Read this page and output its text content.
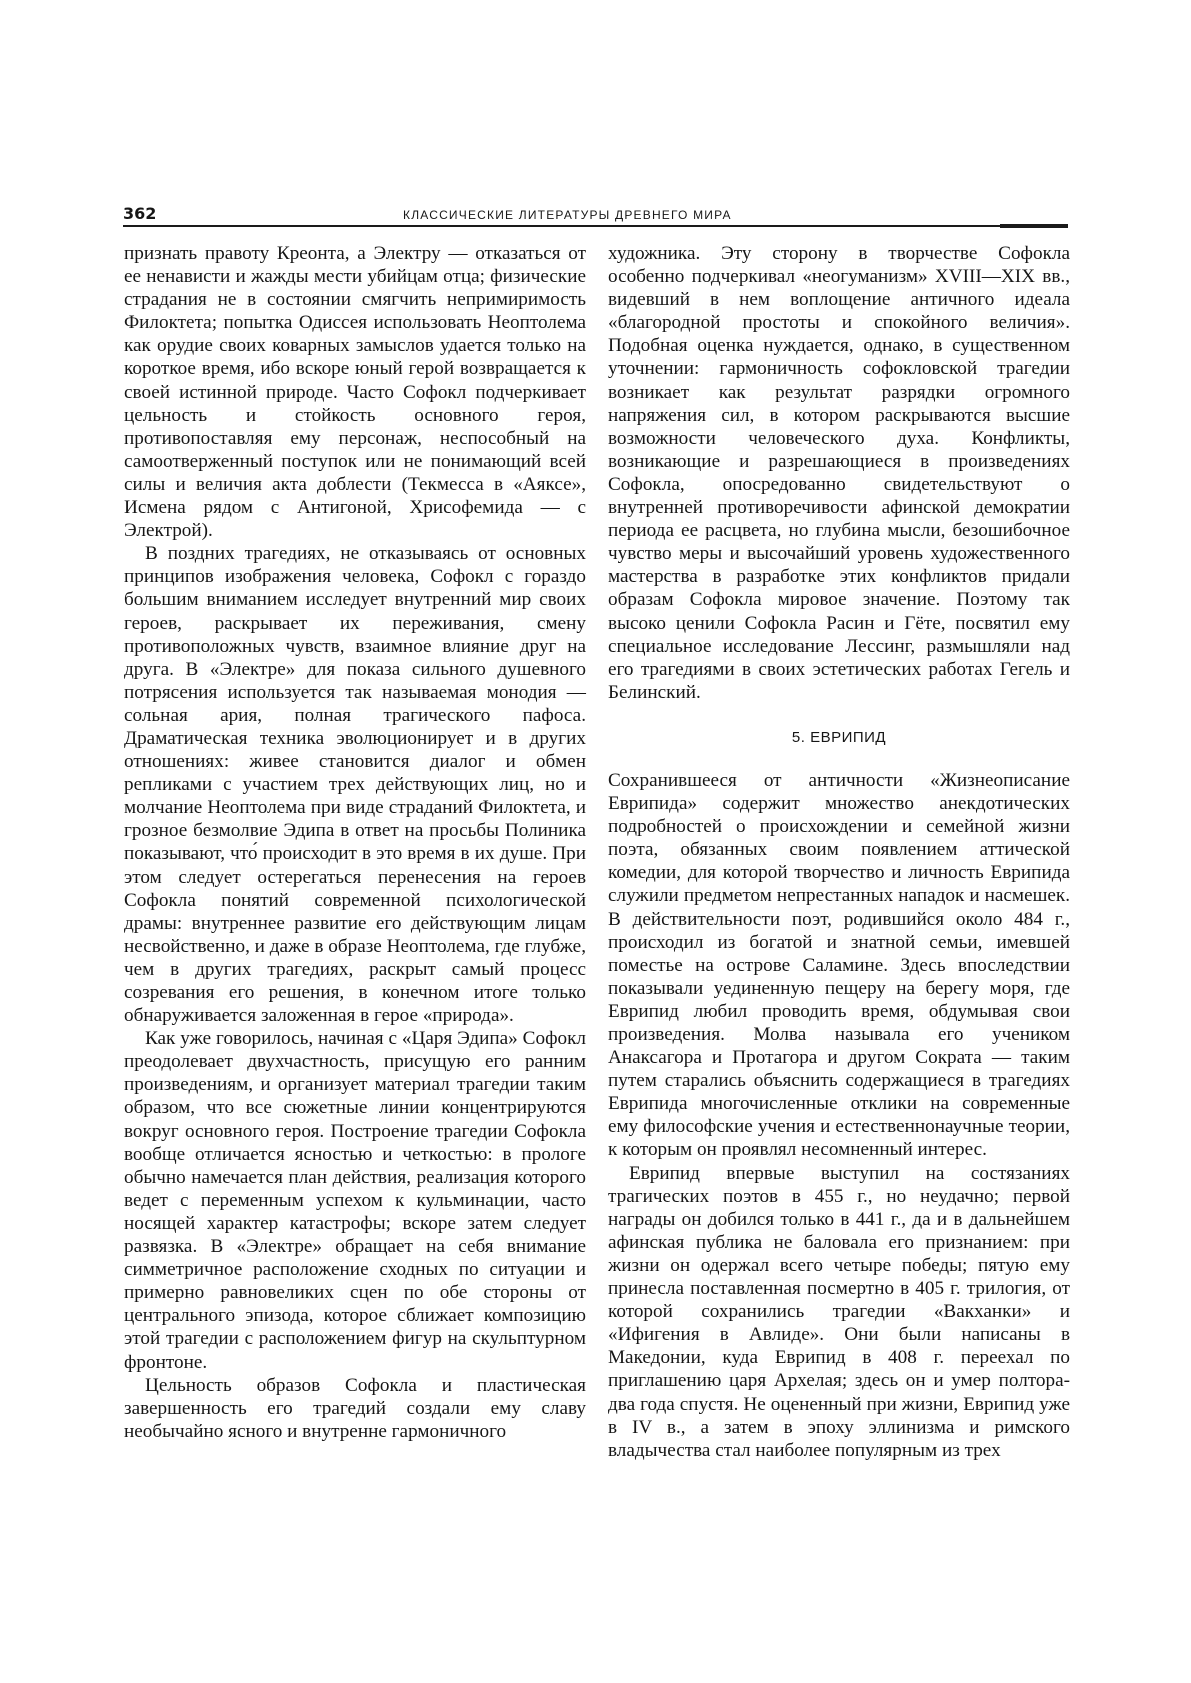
362	КЛАССИЧЕСКИЕ ЛИТЕРАТУРЫ ДРЕВНЕГО МИРА

признать правоту Креонта, а Электру — отказаться от ее ненависти и жажды мести убийцам отца; физические страдания не в состоянии смягчить непримиримость Филоктета; попытка Одиссея использовать Неоптолема как орудие своих коварных замыслов удается только на короткое время, ибо вскоре юный герой возвращается к своей истинной природе. Часто Софокл подчеркивает цельность и стойкость основного героя, противопоставляя ему персонаж, неспособный на самоотверженный поступок или не понимающий всей силы и величия акта доблести (Текмесса в «Аяксе», Исмена рядом с Антигоной, Хрисофемида — с Электрой).

В поздних трагедиях, не отказываясь от основных принципов изображения человека, Софокл с гораздо большим вниманием исследует внутренний мир своих героев, раскрывает их переживания, смену противоположных чувств, взаимное влияние друг на друга. В «Электре» для показа сильного душевного потрясения используется так называемая монодия — сольная ария, полная трагического пафоса. Драматическая техника эволюционирует и в других отношениях: живее становится диалог и обмен репликами с участием трех действующих лиц, но и молчание Неоптолема при виде страданий Филоктета, и грозное безмолвие Эдипа в ответ на просьбы Полиника показывают, что́ происходит в это время в их душе. При этом следует остерегаться перенесения на героев Софокла понятий современной психологической драмы: внутреннее развитие его действующим лицам несвойственно, и даже в образе Неоптолема, где глубже, чем в других трагедиях, раскрыт самый процесс созревания его решения, в конечном итоге только обнаруживается заложенная в герое «природа».

Как уже говорилось, начиная с «Царя Эдипа» Софокл преодолевает двухчастность, присущую его ранним произведениям, и организует материал трагедии таким образом, что все сюжетные линии концентрируются вокруг основного героя. Построение трагедии Софокла вообще отличается ясностью и четкостью: в прологе обычно намечается план действия, реализация которого ведет с переменным успехом к кульминации, часто носящей характер катастрофы; вскоре затем следует развязка. В «Электре» обращает на себя внимание симметричное расположение сходных по ситуации и примерно равновеликих сцен по обе стороны от центрального эпизода, которое сближает композицию этой трагедии с расположением фигур на скульптурном фронтоне.

Цельность образов Софокла и пластическая завершенность его трагедий создали ему славу необычайно ясного и внутренне гармоничного

художника. Эту сторону в творчестве Софокла особенно подчеркивал «неогуманизм» XVIII—XIX вв., видевший в нем воплощение античного идеала «благородной простоты и спокойного величия». Подобная оценка нуждается, однако, в существенном уточнении: гармоничность софокловской трагедии возникает как результат разрядки огромного напряжения сил, в котором раскрываются высшие возможности человеческого духа. Конфликты, возникающие и разрешающиеся в произведениях Софокла, опосредованно свидетельствуют о внутренней противоречивости афинской демократии периода ее расцвета, но глубина мысли, безошибочное чувство меры и высочайший уровень художественного мастерства в разработке этих конфликтов придали образам Софокла мировое значение. Поэтому так высоко ценили Софокла Расин и Гёте, посвятил ему специальное исследование Лессинг, размышляли над его трагедиями в своих эстетических работах Гегель и Белинский.

5. ЕВРИПИД

Сохранившееся от античности «Жизнеописание Еврипида» содержит множество анекдотических подробностей о происхождении и семейной жизни поэта, обязанных своим появлением аттической комедии, для которой творчество и личность Еврипида служили предметом непрестанных нападок и насмешек. В действительности поэт, родившийся около 484 г., происходил из богатой и знатной семьи, имевшей поместье на острове Саламине. Здесь впоследствии показывали уединенную пещеру на берегу моря, где Еврипид любил проводить время, обдумывая свои произведения. Молва называла его учеником Анаксагора и Протагора и другом Сократа — таким путем старались объяснить содержащиеся в трагедиях Еврипида многочисленные отклики на современные ему философские учения и естественнонаучные теории, к которым он проявлял несомненный интерес.

Еврипид впервые выступил на состязаниях трагических поэтов в 455 г., но неудачно; первой награды он добился только в 441 г., да и в дальнейшем афинская публика не баловала его признанием: при жизни он одержал всего четыре победы; пятую ему принесла поставленная посмертно в 405 г. трилогия, от которой сохранились трагедии «Вакханки» и «Ифигения в Авлиде». Они были написаны в Македонии, куда Еврипид в 408 г. переехал по приглашению царя Архелая; здесь он и умер полтора-два года спустя. Не оцененный при жизни, Еврипид уже в IV в., а затем в эпоху эллинизма и римского владычества стал наиболее популярным из трех
